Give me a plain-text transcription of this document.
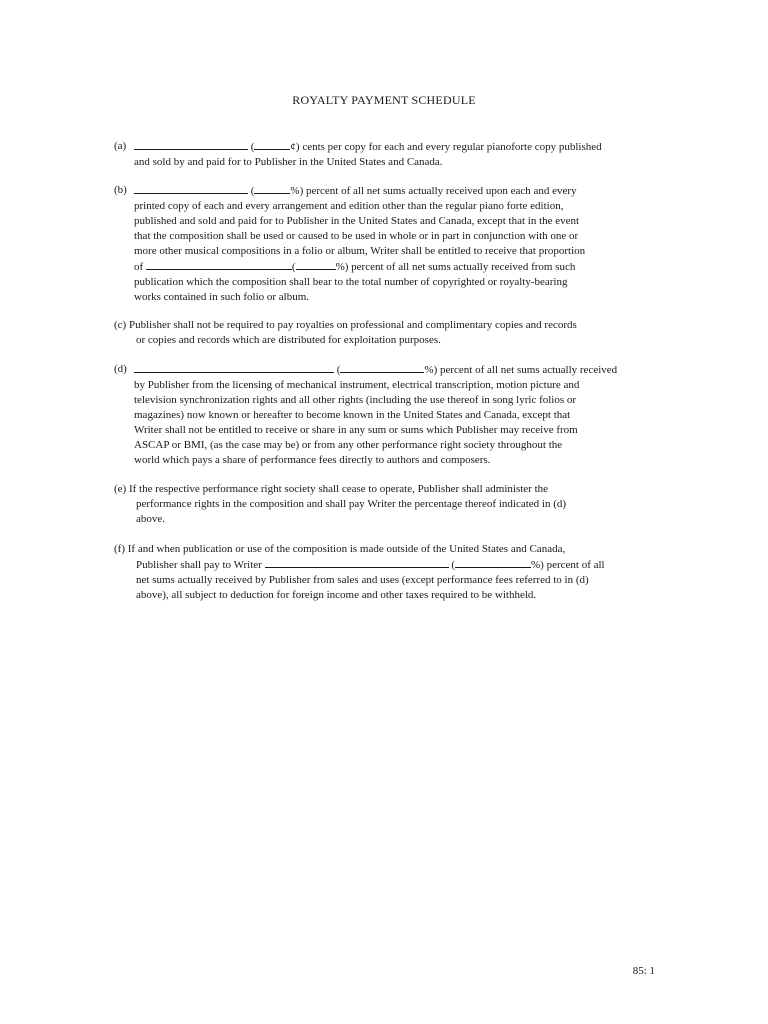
ROYALTY PAYMENT SCHEDULE
(a)	(	¢) cents per copy for each and every regular pianoforte copy published
and sold by and paid for to Publisher in the United States and Canada.
(b)	(	%) percent of all net sums actually received upon each and every
printed copy of each and every arrangement and edition other than the regular piano forte edition,
published and sold and paid for to Publisher in the United States and Canada, except that in the event
that the composition shall be used or caused to be used in whole or in part in conjunction with one or
more other musical compositions in a folio or album, Writer shall be entitled to receive that proportion
of	(	%) percent of all net sums actually received from such
publication which the composition shall bear to the total number of copyrighted or royalty-bearing
works contained in such folio or album.
(c) Publisher shall not be required to pay royalties on professional and complimentary copies and records
or copies and records which are distributed for exploitation purposes.
(d)	(	%) percent of all net sums actually received
by Publisher from the licensing of mechanical instrument, electrical transcription, motion picture and
television synchronization rights and all other rights (including the use thereof in song lyric folios or
magazines) now known or hereafter to become known in the United States and Canada, except that
Writer shall not be entitled to receive or share in any sum or sums which Publisher may receive from
ASCAP or BMI, (as the case may be) or from any other performance right society throughout the
world which pays a share of performance fees directly to authors and composers.
(e) If the respective performance right society shall cease to operate, Publisher shall administer the
performance rights in the composition and shall pay Writer the percentage thereof indicated in (d)
above.
(f) If and when publication or use of the composition is made outside of the United States and Canada,
Publisher shall pay to Writer	(	%) percent of all
net sums actually received by Publisher from sales and uses (except performance fees referred to in (d)
above), all subject to deduction for foreign income and other taxes required to be withheld.
85: 1
